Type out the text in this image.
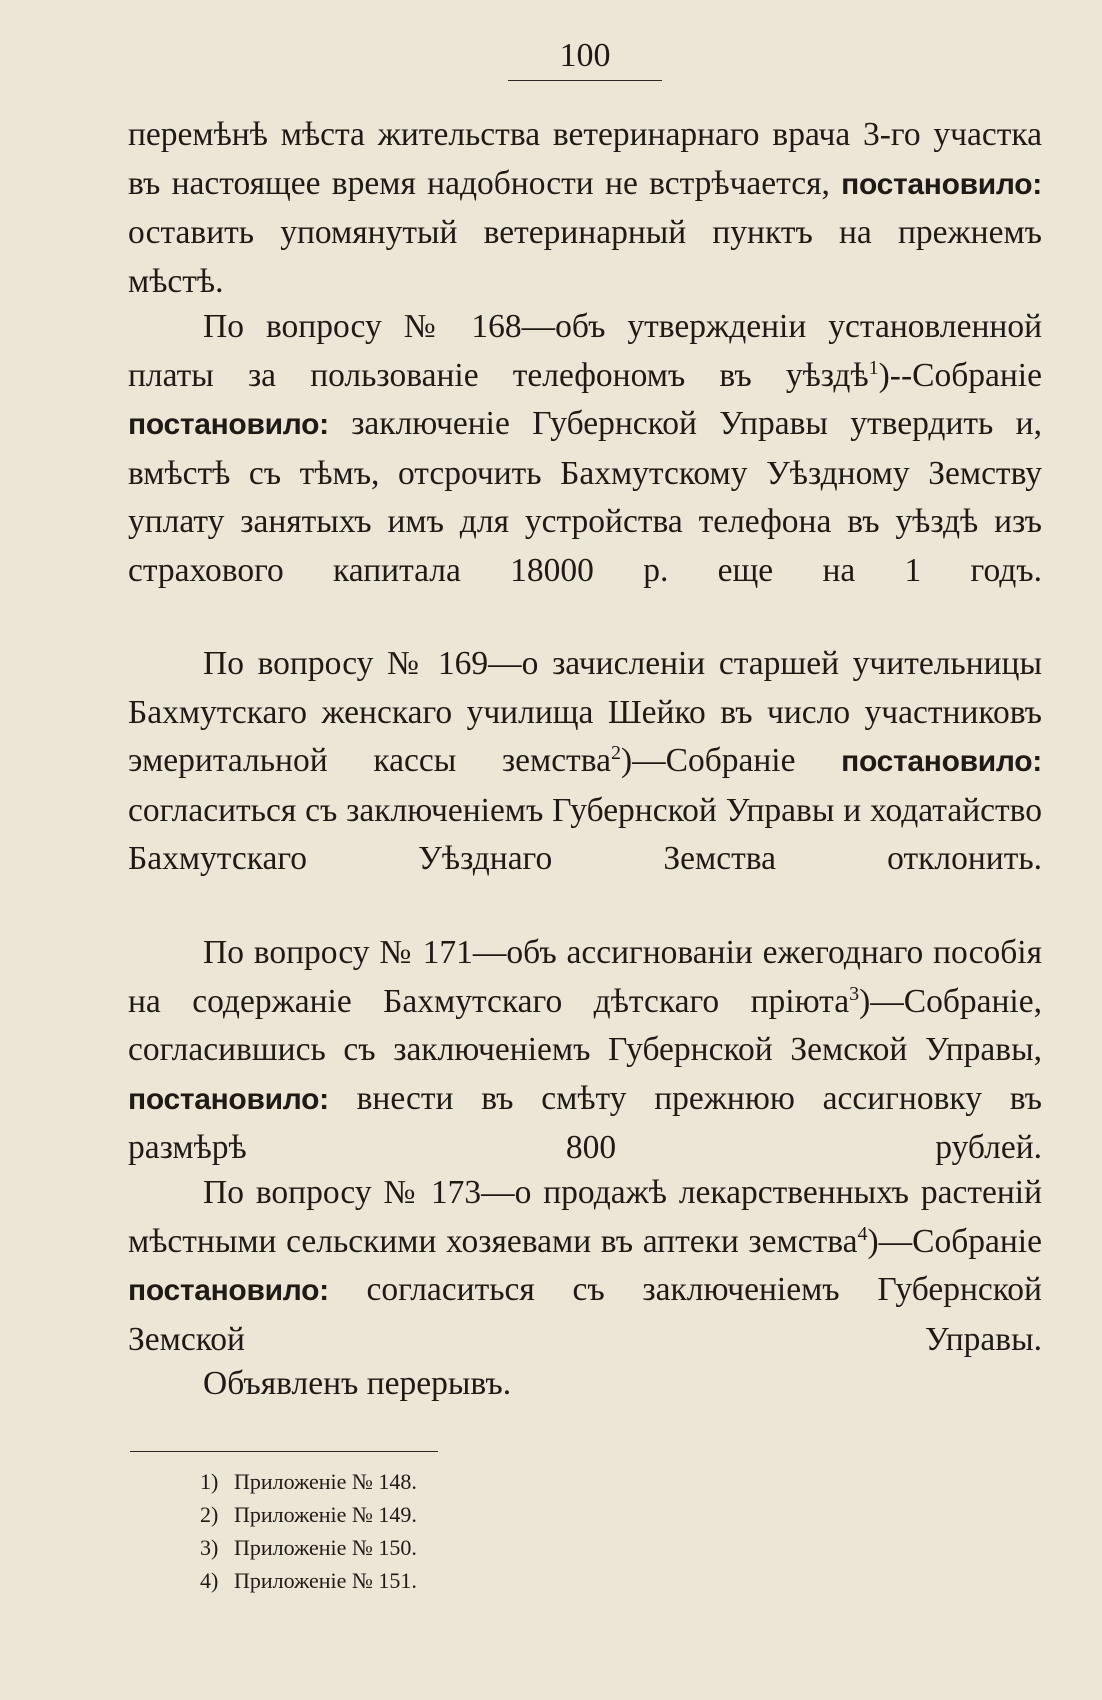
100

перемѣнѣ мѣста жительства ветеринарнаго врача 3-го участка въ настоящее время надобности не встрѣчается, постановило: оставить упомянутый ветеринарный пунктъ на прежнемъ мѣстѣ.

По вопросу № 168—объ утвержденіи установленной платы за пользованіе телефономъ въ уѣздѣ$^1$)--Собраніе постановило: заключеніе Губернской Управы утвердить и, вмѣстѣ съ тѣмъ, отсрочить Бахмутскому Уѣздному Земству уплату занятыхъ имъ для устройства телефона въ уѣздѣ изъ страхового капитала 18000 р. еще на 1 годъ.

По вопросу № 169—о зачисленіи старшей учительницы Бахмутскаго женскаго училища Шейко въ число участниковъ эмеритальной кассы земства$^2$)—Собраніе постановило: согласиться съ заключеніемъ Губернской Управы и ходатайство Бахмутскаго Уѣзднаго Земства отклонить.

По вопросу № 171—объ ассигнованіи ежегоднаго пособія на содержаніе Бахмутскаго дѣтскаго пріюта$^3$)—Собраніе, согласившись съ заключеніемъ Губернской Земской Управы, постановило: внести въ смѣту прежнюю ассигновку въ размѣрѣ 800 рублей.

По вопросу № 173—о продажѣ лекарственныхъ растеній мѣстными сельскими хозяевами въ аптеки земства$^4$)—Собраніе постановило: согласиться съ заключеніемъ Губернской Земской Управы.

Объявленъ перерывъ.

1) Приложеніе № 148.
2) Приложеніе № 149.
3) Приложеніе № 150.
4) Приложеніе № 151.
